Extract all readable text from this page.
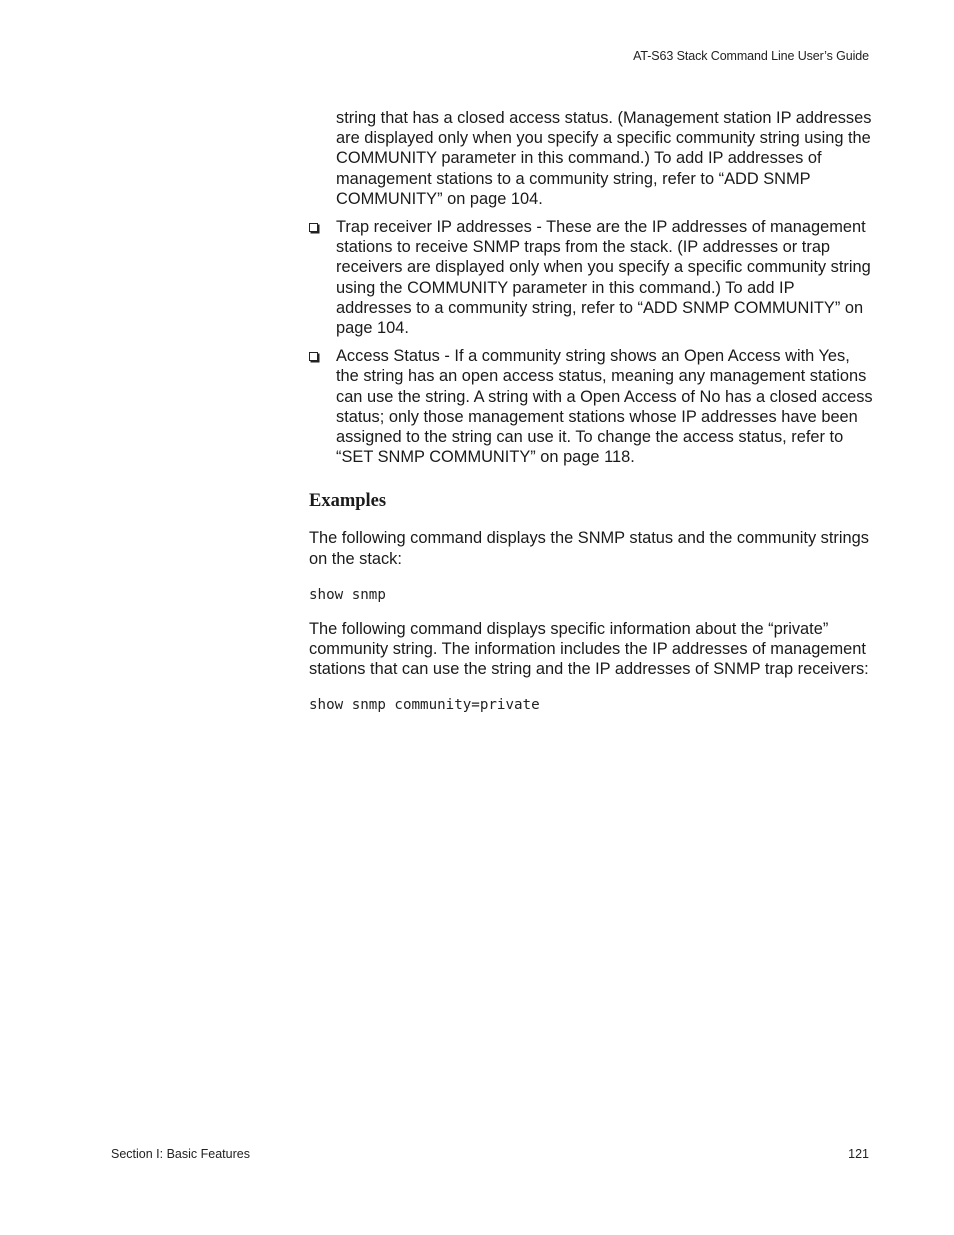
AT-S63 Stack Command Line User’s Guide

string that has a closed access status. (Management station IP addresses are displayed only when you specify a specific community string using the COMMUNITY parameter in this command.) To add IP addresses of management stations to a community string, refer to “ADD SNMP COMMUNITY” on page 104.

Trap receiver IP addresses - These are the IP addresses of management stations to receive SNMP traps from the stack. (IP addresses or trap receivers are displayed only when you specify a specific community string using the COMMUNITY parameter in this command.) To add IP addresses to a community string, refer to “ADD SNMP COMMUNITY” on page 104.

Access Status - If a community string shows an Open Access with Yes, the string has an open access status, meaning any management stations can use the string. A string with a Open Access of No has a closed access status; only those management stations whose IP addresses have been assigned to the string can use it. To change the access status, refer to “SET SNMP COMMUNITY” on page 118.

Examples

The following command displays the SNMP status and the community strings on the stack:

show snmp

The following command displays specific information about the “private” community string. The information includes the IP addresses of management stations that can use the string and the IP addresses of SNMP trap receivers:

show snmp community=private
Section I: Basic Features	121
